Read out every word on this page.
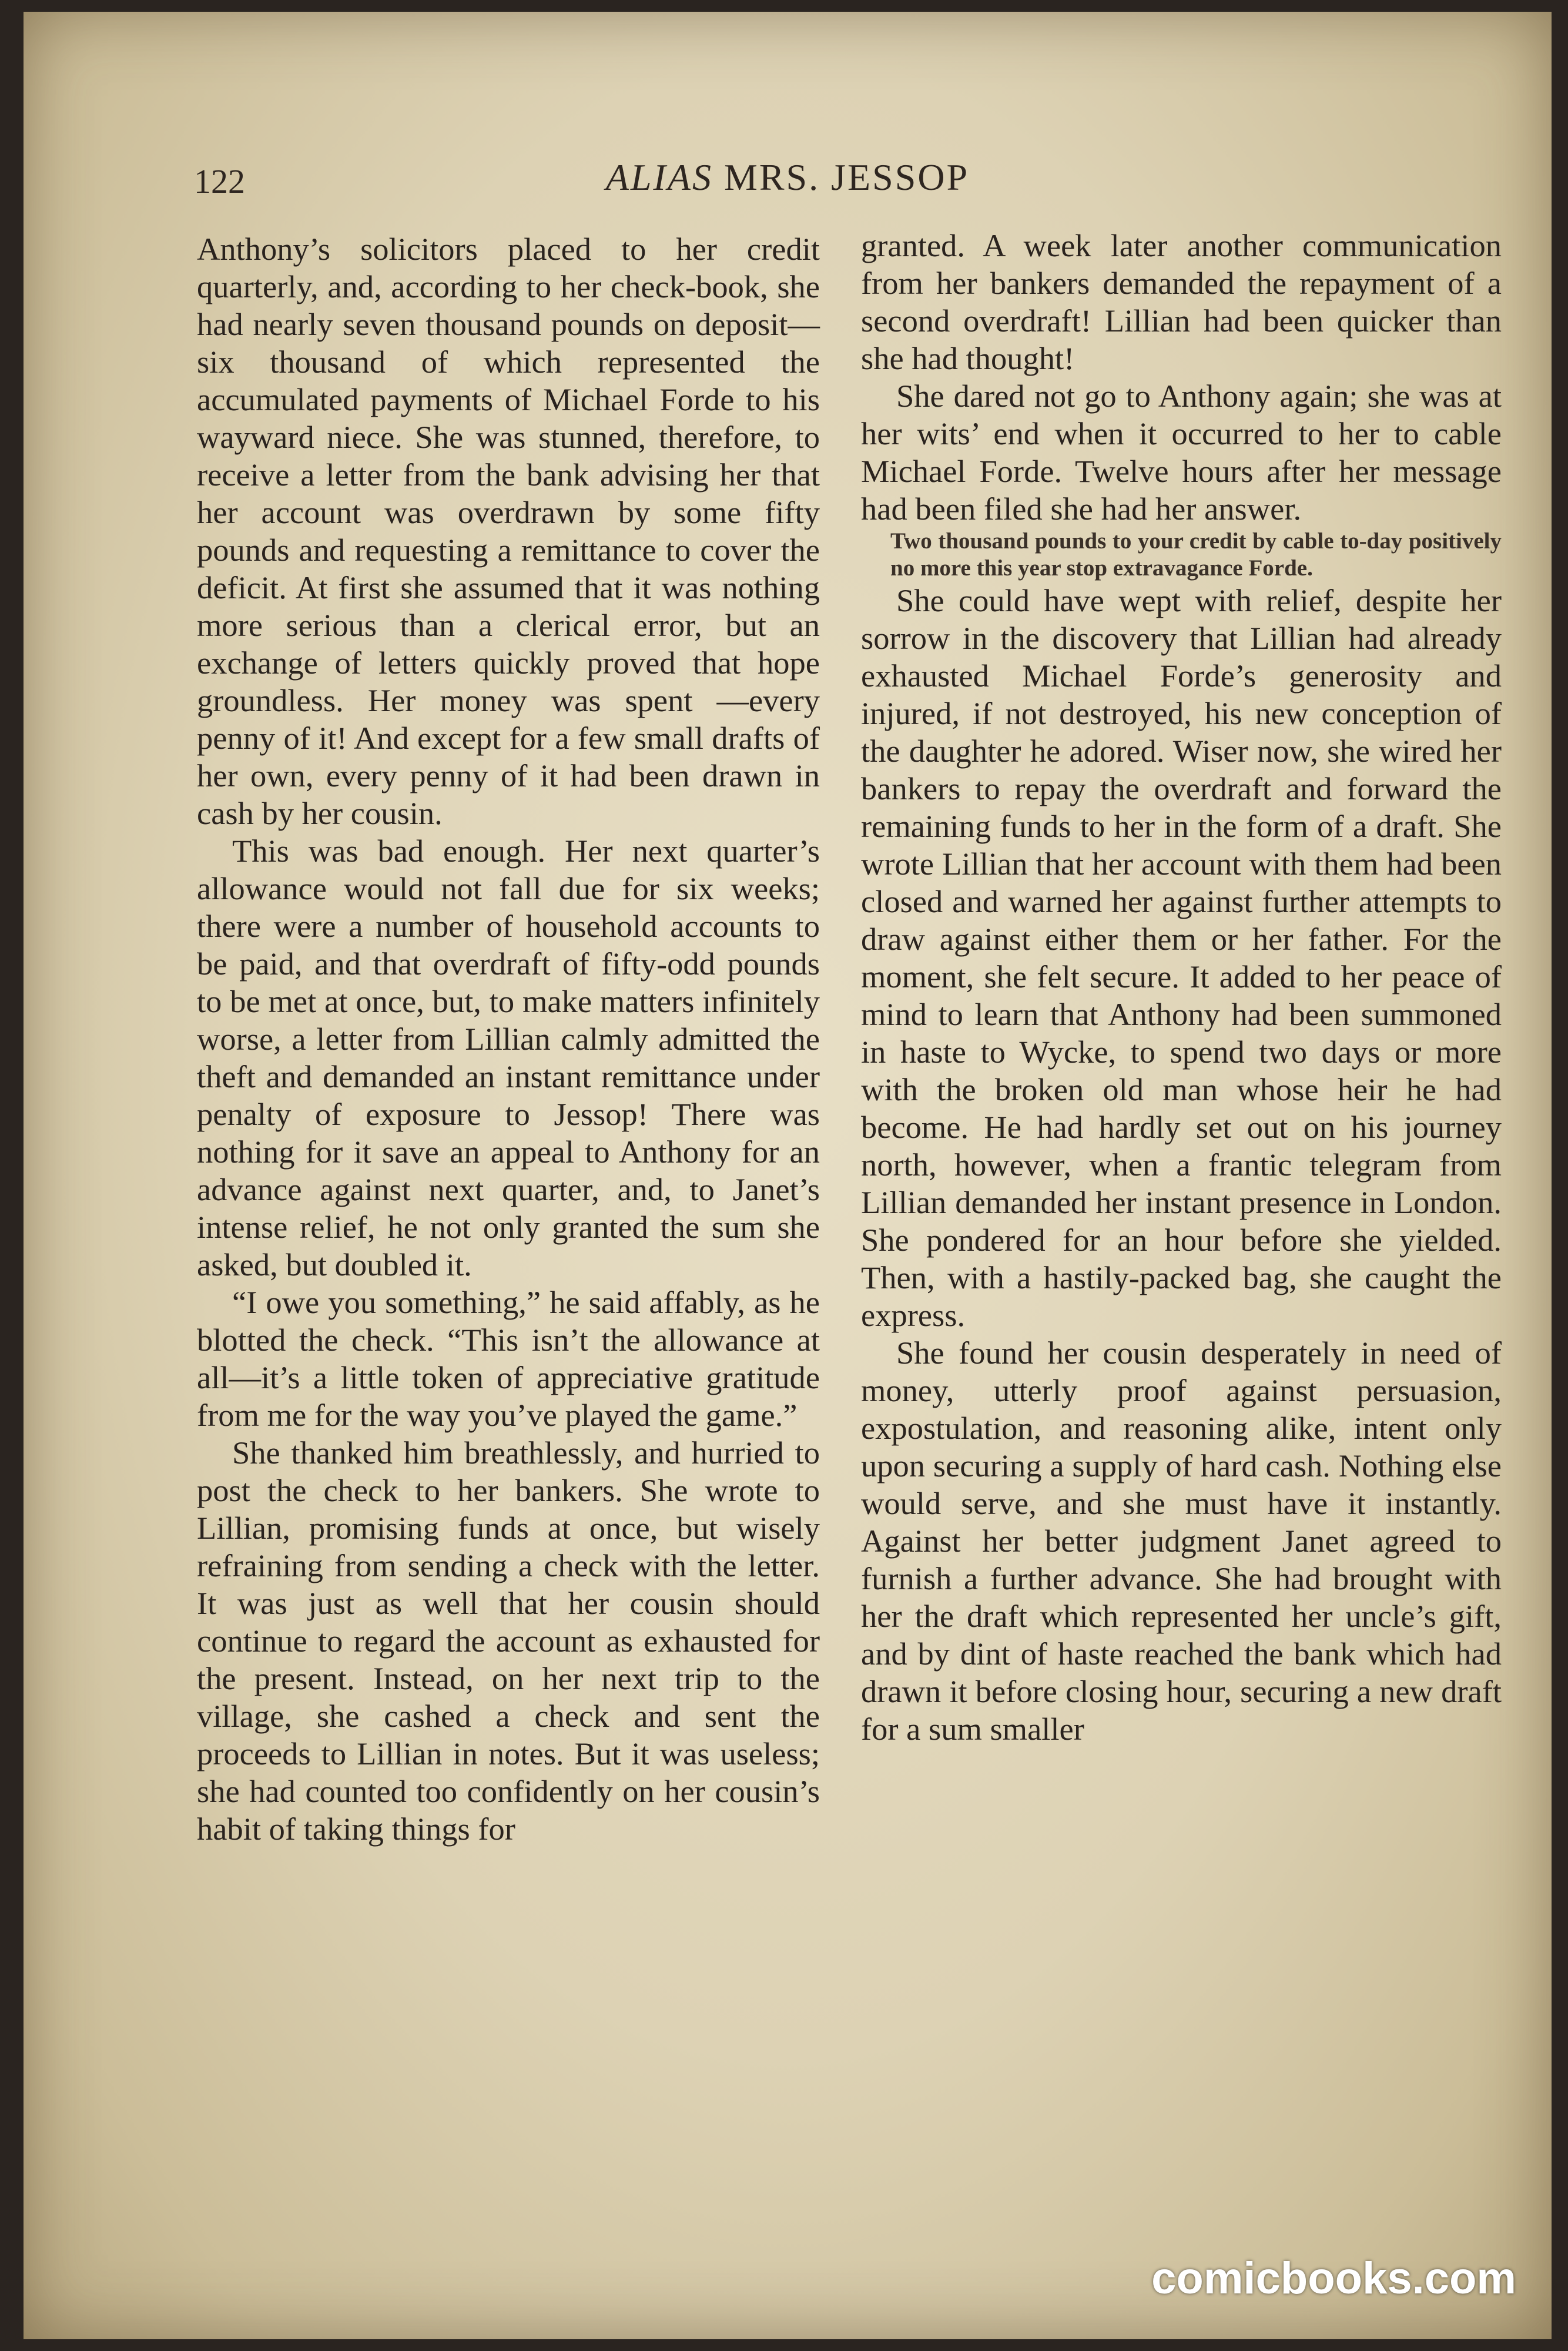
122	ALIAS MRS. JESSOP

Anthony’s solicitors placed to her credit quarterly, and, according to her check-book, she had nearly seven thousand pounds on deposit—six thousand of which represented the accumulated payments of Michael Forde to his wayward niece. She was stunned, therefore, to receive a letter from the bank advising her that her account was overdrawn by some fifty pounds and requesting a remittance to cover the deficit. At first she assumed that it was nothing more serious than a clerical error, but an exchange of letters quickly proved that hope groundless. Her money was spent —every penny of it! And except for a few small drafts of her own, every penny of it had been drawn in cash by her cousin.

This was bad enough. Her next quarter’s allowance would not fall due for six weeks; there were a number of household accounts to be paid, and that overdraft of fifty-odd pounds to be met at once, but, to make matters infinitely worse, a letter from Lillian calmly admitted the theft and demanded an instant remittance under penalty of exposure to Jessop! There was nothing for it save an appeal to Anthony for an advance against next quarter, and, to Janet’s intense relief, he not only granted the sum she asked, but doubled it.

“I owe you something,” he said affably, as he blotted the check. “This isn’t the allowance at all—it’s a little token of appreciative gratitude from me for the way you’ve played the game.”

She thanked him breathlessly, and hurried to post the check to her bankers. She wrote to Lillian, promising funds at once, but wisely refraining from sending a check with the letter. It was just as well that her cousin should continue to regard the account as exhausted for the present. Instead, on her next trip to the village, she cashed a check and sent the proceeds to Lillian in notes. But it was useless; she had counted too confidently on her cousin’s habit of taking things for

granted. A week later another communication from her bankers demanded the repayment of a second overdraft! Lillian had been quicker than she had thought!

She dared not go to Anthony again; she was at her wits’ end when it occurred to her to cable Michael Forde. Twelve hours after her message had been filed she had her answer.

Two thousand pounds to your credit by cable to-day positively no more this year stop extravagance Forde.

She could have wept with relief, despite her sorrow in the discovery that Lillian had already exhausted Michael Forde’s generosity and injured, if not destroyed, his new conception of the daughter he adored. Wiser now, she wired her bankers to repay the overdraft and forward the remaining funds to her in the form of a draft. She wrote Lillian that her account with them had been closed and warned her against further attempts to draw against either them or her father. For the moment, she felt secure. It added to her peace of mind to learn that Anthony had been summoned in haste to Wycke, to spend two days or more with the broken old man whose heir he had become. He had hardly set out on his journey north, however, when a frantic telegram from Lillian demanded her instant presence in London. She pondered for an hour before she yielded. Then, with a hastily-packed bag, she caught the express.

She found her cousin desperately in need of money, utterly proof against persuasion, expostulation, and reasoning alike, intent only upon securing a supply of hard cash. Nothing else would serve, and she must have it instantly. Against her better judgment Janet agreed to furnish a further advance. She had brought with her the draft which represented her uncle’s gift, and by dint of haste reached the bank which had drawn it before closing hour, securing a new draft for a sum smaller

comicbooks.com
